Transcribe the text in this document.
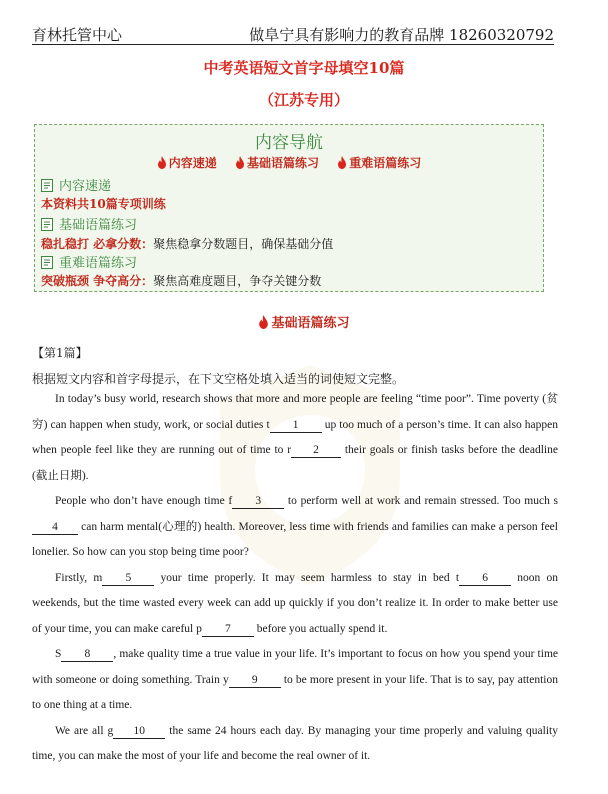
育林托管中心	做阜宁具有影响力的教育品牌 18260320792
中考英语短文首字母填空10篇
（江苏专用）
内容导航
内容速递	基础语篇练习	重难语篇练习
内容速递
本资料共10篇专项训练
基础语篇练习
稳扎稳打 必拿分数：聚焦稳拿分数题目，确保基础分值
重难语篇练习
突破瓶颈 争夺高分：聚焦高难度题目，争夺关键分数
基础语篇练习
【第1篇】
根据短文内容和首字母提示，在下文空格处填入适当的词使短文完整。

In today’s busy world, research shows that more and more people are feeling “time poor”. Time poverty (贫穷) can happen when study, work, or social duties t 1 up too much of a person’s time. It can also happen when people feel like they are running out of time to r 2 their goals or finish tasks before the deadline (截止日期).

People who don’t have enough time f 3 to perform well at work and remain stressed. Too much s4 can harm mental(心理的) health. Moreover, less time with friends and families can make a person feel lonelier. So how can you stop being time poor?

Firstly, m 5 your time properly. It may seem harmless to stay in bed t 6 noon on weekends, but the time wasted every week can add up quickly if you don’t realize it. In order to make better use of your time, you can make careful p 7 before you actually spend it.

S 8 , make quality time a true value in your life. It’s important to focus on how you spend your time with someone or doing something. Train y 9 to be more present in your life. That is to say, pay attention to one thing at a time.

We are all g 10 the same 24 hours each day. By managing your time properly and valuing quality time, you can make the most of your life and become the real owner of it.
